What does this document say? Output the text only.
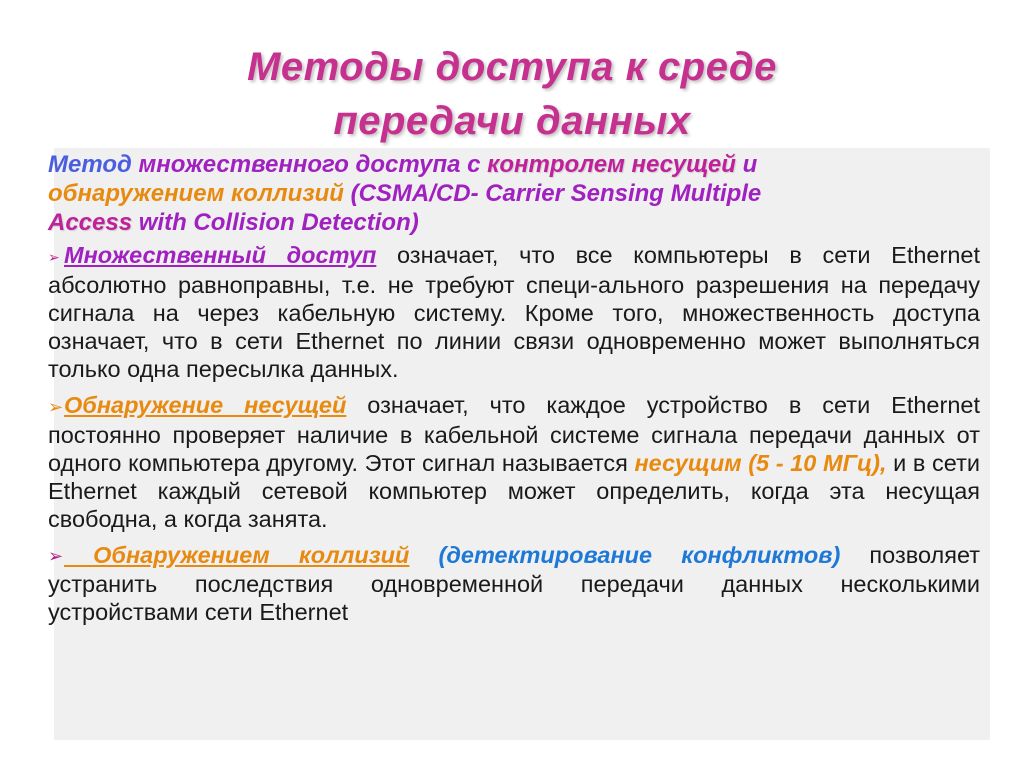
Методы доступа к среде
передачи данных
Метод множественного доступа с контролем несущей и
обнаружением коллизий (CSMA/CD- Carrier Sensing Multiple
Access with Collision Detection)

➢ Множественный доступ означает, что все компьютеры в сети Ethernet абсолютно равноправны, т.е. не требуют специ-ального разрешения на передачу сигнала на через кабельную систему. Кроме того, множественность доступа означает, что в сети Ethernet по линии связи одновременно может выполняться только одна пересылка данных.

➢Обнаружение несущей означает, что каждое устройство в сети Ethernet постоянно проверяет наличие в кабельной системе сигнала передачи данных от одного компьютера другому. Этот сигнал называется несущим (5 - 10 МГц), и в сети Ethernet каждый сетевой компьютер может определить, когда эта несущая свободна, а когда занята.

➢ Обнаружением коллизий (детектирование конфликтов) позволяет устранить последствия одновременной передачи данных несколькими устройствами сети Ethernet
